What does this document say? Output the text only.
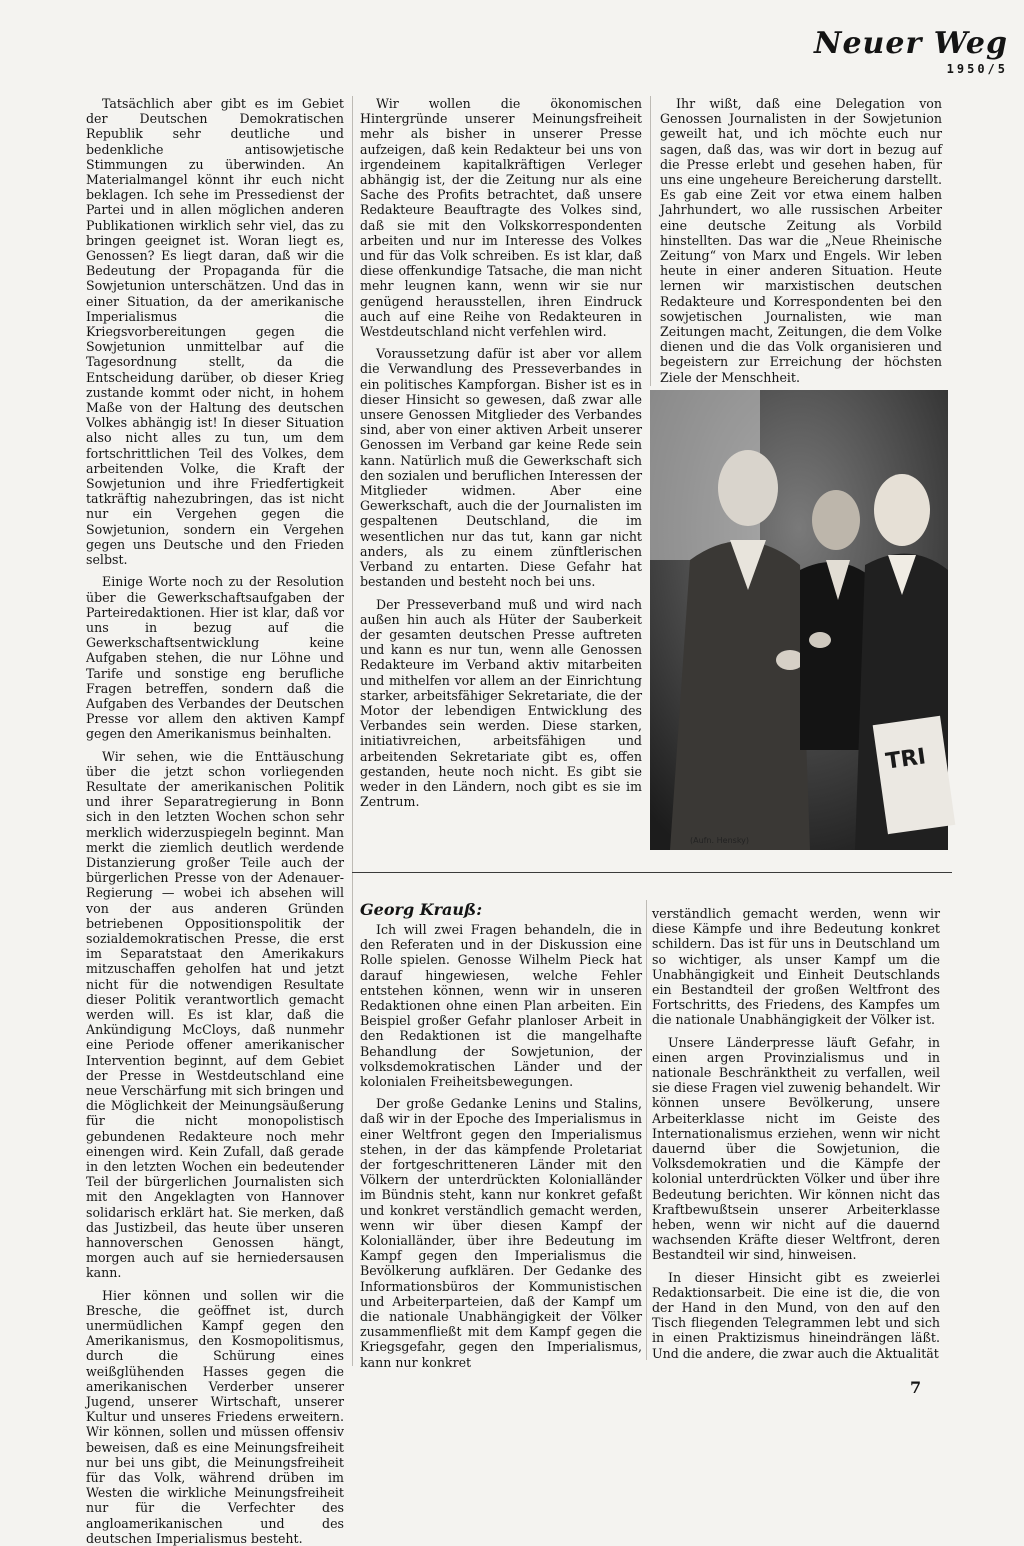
Neuer Weg
1950/5

Tatsächlich aber gibt es im Gebiet der Deutschen Demokratischen Republik sehr deutliche und bedenkliche antisowjetische Stimmungen zu überwinden. An Materialmangel könnt ihr euch nicht beklagen. Ich sehe im Pressedienst der Partei und in allen möglichen anderen Publikationen wirklich sehr viel, das zu bringen geeignet ist. Woran liegt es, Genossen? Es liegt daran, daß wir die Bedeutung der Propaganda für die Sowjetunion unterschätzen. Und das in einer Situation, da der amerikanische Imperialismus die Kriegsvorbereitungen gegen die Sowjetunion unmittelbar auf die Tagesordnung stellt, da die Entscheidung darüber, ob dieser Krieg zustande kommt oder nicht, in hohem Maße von der Haltung des deutschen Volkes abhängig ist! In dieser Situation also nicht alles zu tun, um dem fortschrittlichen Teil des Volkes, dem arbeitenden Volke, die Kraft der Sowjetunion und ihre Friedfertigkeit tatkräftig nahezubringen, das ist nicht nur ein Vergehen gegen die Sowjetunion, sondern ein Vergehen gegen uns Deutsche und den Frieden selbst.

Einige Worte noch zu der Resolution über die Gewerkschaftsaufgaben der Parteiredaktionen. Hier ist klar, daß vor uns in bezug auf die Gewerkschaftsentwicklung keine Aufgaben stehen, die nur Löhne und Tarife und sonstige eng berufliche Fragen betreffen, sondern daß die Aufgaben des Verbandes der Deutschen Presse vor allem den aktiven Kampf gegen den Amerikanismus beinhalten.

Wir sehen, wie die Enttäuschung über die jetzt schon vorliegenden Resultate der amerikanischen Politik und ihrer Separatregierung in Bonn sich in den letzten Wochen schon sehr merklich widerzuspiegeln beginnt. Man merkt die ziemlich deutlich werdende Distanzierung großer Teile auch der bürgerlichen Presse von der Adenauer-Regierung — wobei ich absehen will von der aus anderen Gründen betriebenen Oppositionspolitik der sozialdemokratischen Presse, die erst im Separatstaat den Amerikakurs mitzuschaffen geholfen hat und jetzt nicht für die notwendigen Resultate dieser Politik verantwortlich gemacht werden will. Es ist klar, daß die Ankündigung McCloys, daß nunmehr eine Periode offener amerikanischer Intervention beginnt, auf dem Gebiet der Presse in Westdeutschland eine neue Verschärfung mit sich bringen und die Möglichkeit der Meinungsäußerung für die nicht monopolistisch gebundenen Redakteure noch mehr einengen wird. Kein Zufall, daß gerade in den letzten Wochen ein bedeutender Teil der bürgerlichen Journalisten sich mit den Angeklagten von Hannover solidarisch erklärt hat. Sie merken, daß das Justizbeil, das heute über unseren hannoverschen Genossen hängt, morgen auch auf sie herniedersausen kann.

Hier können und sollen wir die Bresche, die geöffnet ist, durch unermüdlichen Kampf gegen den Amerikanismus, den Kosmopolitismus, durch die Schürung eines weißglühenden Hasses gegen die amerikanischen Verderber unserer Jugend, unserer Wirtschaft, unserer Kultur und unseres Friedens erweitern. Wir können, sollen und müssen offensiv beweisen, daß es eine Meinungsfreiheit nur bei uns gibt, die Meinungsfreiheit für das Volk, während drüben im Westen die wirkliche Meinungsfreiheit nur für die Verfechter des angloamerikanischen und des deutschen Imperialismus besteht.

Wir wollen die ökonomischen Hintergründe unserer Meinungsfreiheit mehr als bisher in unserer Presse aufzeigen, daß kein Redakteur bei uns von irgendeinem kapitalkräftigen Verleger abhängig ist, der die Zeitung nur als eine Sache des Profits betrachtet, daß unsere Redakteure Beauftragte des Volkes sind, daß sie mit den Volkskorrespondenten arbeiten und nur im Interesse des Volkes und für das Volk schreiben. Es ist klar, daß diese offenkundige Tatsache, die man nicht mehr leugnen kann, wenn wir sie nur genügend herausstellen, ihren Eindruck auch auf eine Reihe von Redakteuren in Westdeutschland nicht verfehlen wird.

Voraussetzung dafür ist aber vor allem die Verwandlung des Presseverbandes in ein politisches Kampforgan. Bisher ist es in dieser Hinsicht so gewesen, daß zwar alle unsere Genossen Mitglieder des Verbandes sind, aber von einer aktiven Arbeit unserer Genossen im Verband gar keine Rede sein kann. Natürlich muß die Gewerkschaft sich den sozialen und beruflichen Interessen der Mitglieder widmen. Aber eine Gewerkschaft, auch die der Journalisten im gespaltenen Deutschland, die im wesentlichen nur das tut, kann gar nicht anders, als zu einem zünftlerischen Verband zu entarten. Diese Gefahr hat bestanden und besteht noch bei uns.

Der Presseverband muß und wird nach außen hin auch als Hüter der Sauberkeit der gesamten deutschen Presse auftreten und kann es nur tun, wenn alle Genossen Redakteure im Verband aktiv mitarbeiten und mithelfen vor allem an der Einrichtung starker, arbeitsfähiger Sekretariate, die der Motor der lebendigen Entwicklung des Verbandes sein werden. Diese starken, initiativreichen, arbeitsfähigen und arbeitenden Sekretariate gibt es, offen gestanden, heute noch nicht. Es gibt sie weder in den Ländern, noch gibt es sie im Zentrum.

Ihr wißt, daß eine Delegation von Genossen Journalisten in der Sowjetunion geweilt hat, und ich möchte euch nur sagen, daß das, was wir dort in bezug auf die Presse erlebt und gesehen haben, für uns eine ungeheure Bereicherung darstellt. Es gab eine Zeit vor etwa einem halben Jahrhundert, wo alle russischen Arbeiter eine deutsche Zeitung als Vorbild hinstellten. Das war die „Neue Rheinische Zeitung“ von Marx und Engels. Wir leben heute in einer anderen Situation. Heute lernen wir marxistischen deutschen Redakteure und Korrespondenten bei den sowjetischen Journalisten, wie man Zeitungen macht, Zeitungen, die dem Volke dienen und die das Volk organisieren und begeistern zur Erreichung der höchsten Ziele der Menschheit.

TRI
(Aufn. Hensky)
Georg Krauß:

Ich will zwei Fragen behandeln, die in den Referaten und in der Diskussion eine Rolle spielen. Genosse Wilhelm Pieck hat darauf hingewiesen, welche Fehler entstehen können, wenn wir in unseren Redaktionen ohne einen Plan arbeiten. Ein Beispiel großer Gefahr planloser Arbeit in den Redaktionen ist die mangelhafte Behandlung der Sowjetunion, der volksdemokratischen Länder und der kolonialen Freiheitsbewegungen.

Der große Gedanke Lenins und Stalins, daß wir in der Epoche des Imperialismus in einer Weltfront gegen den Imperialismus stehen, in der das kämpfende Proletariat der fortgeschritteneren Länder mit den Völkern der unterdrückten Kolonialländer im Bündnis steht, kann nur konkret gefaßt und konkret verständlich gemacht werden, wenn wir über diesen Kampf der Kolonialländer, über ihre Bedeutung im Kampf gegen den Imperialismus die Bevölkerung aufklären. Der Gedanke des Informationsbüros der Kommunistischen und Arbeiterparteien, daß der Kampf um die nationale Unabhängigkeit der Völker zusammenfließt mit dem Kampf gegen die Kriegsgefahr, gegen den Imperialismus, kann nur konkret

verständlich gemacht werden, wenn wir diese Kämpfe und ihre Bedeutung konkret schildern. Das ist für uns in Deutschland um so wichtiger, als unser Kampf um die Unabhängigkeit und Einheit Deutschlands ein Bestandteil der großen Weltfront des Fortschritts, des Friedens, des Kampfes um die nationale Unabhängigkeit der Völker ist.

Unsere Länderpresse läuft Gefahr, in einen argen Provinzialismus und in nationale Beschränktheit zu verfallen, weil sie diese Fragen viel zuwenig behandelt. Wir können unsere Bevölkerung, unsere Arbeiterklasse nicht im Geiste des Internationalismus erziehen, wenn wir nicht dauernd über die Sowjetunion, die Volksdemokratien und die Kämpfe der kolonial unterdrückten Völker und über ihre Bedeutung berichten. Wir können nicht das Kraftbewußtsein unserer Arbeiterklasse heben, wenn wir nicht auf die dauernd wachsenden Kräfte dieser Weltfront, deren Bestandteil wir sind, hinweisen.

In dieser Hinsicht gibt es zweierlei Redaktionsarbeit. Die eine ist die, die von der Hand in den Mund, von den auf den Tisch fliegenden Telegrammen lebt und sich in einen Praktizismus hineindrängen läßt. Und die andere, die zwar auch die Aktualität

7
